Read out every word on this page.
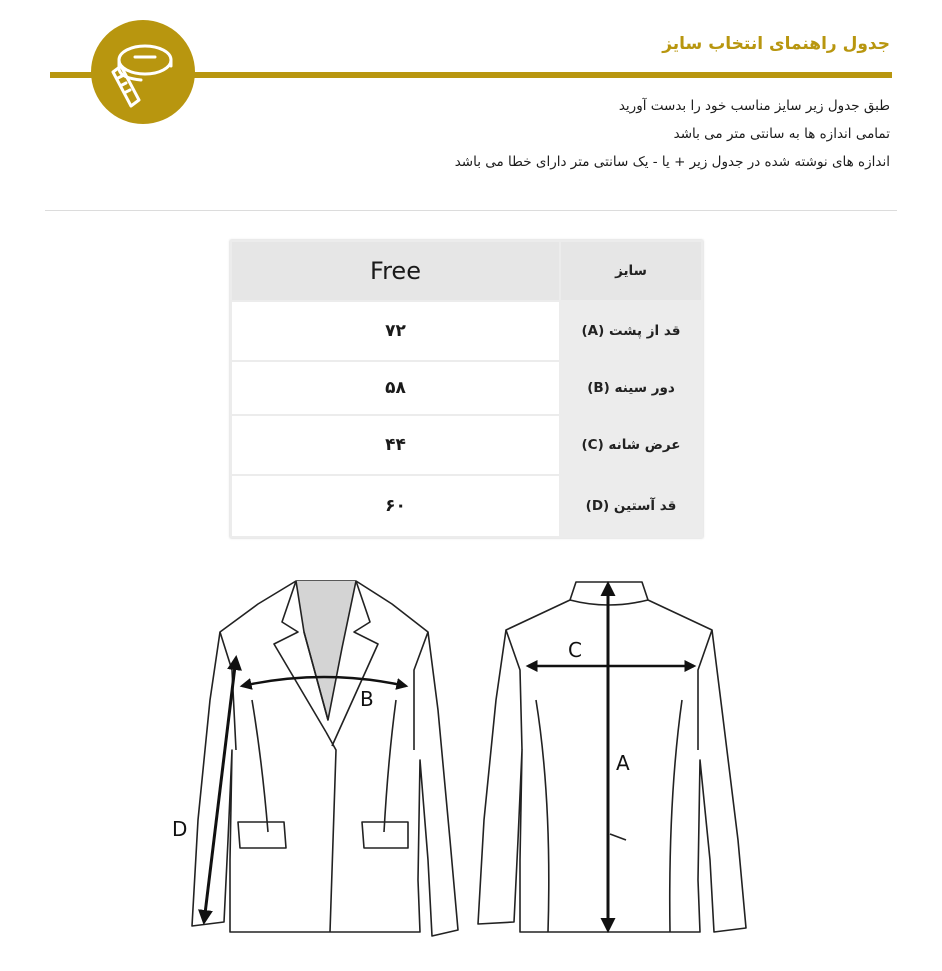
جدول راهنمای انتخاب سایز
طبق جدول زیر سایز مناسب خود را بدست آورید
تمامی اندازه ها به سانتی متر می باشد
اندازه های نوشته شده در جدول زیر + یا - یک سانتی متر دارای خطا می باشد
Free	سایز
۷۲	قد از پشت (A)
۵۸	دور سینه (B)
۴۴	عرض شانه (C)
۶۰	قد آستین (D)
B
D
C
A
